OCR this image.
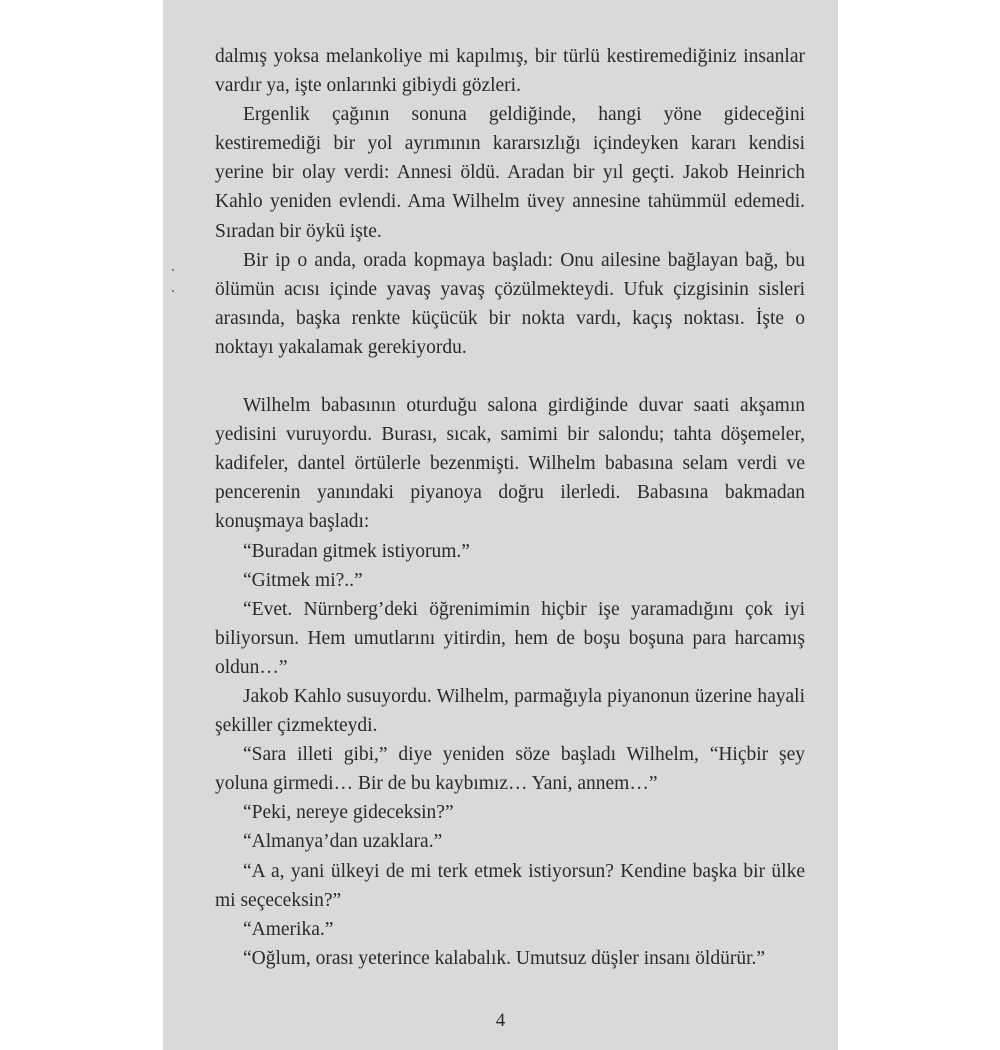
dalmış yoksa melankoliye mi kapılmış, bir türlü kestiremediğiniz insanlar vardır ya, işte onlarınki gibiydi gözleri.

Ergenlik çağının sonuna geldiğinde, hangi yöne gideceğini kestiremediği bir yol ayrımının kararsızlığı içindeyken kararı kendisi yerine bir olay verdi: Annesi öldü. Aradan bir yıl geçti. Jakob Heinrich Kahlo yeniden evlendi. Ama Wilhelm üvey annesine tahümmül edemedi. Sıradan bir öykü işte.

Bir ip o anda, orada kopmaya başladı: Onu ailesine bağlayan bağ, bu ölümün acısı içinde yavaş yavaş çözülmekteydi. Ufuk çizgisinin sisleri arasında, başka renkte küçücük bir nokta vardı, kaçış noktası. İşte o noktayı yakalamak gerekiyordu.

Wilhelm babasının oturduğu salona girdiğinde duvar saati akşamın yedisini vuruyordu. Burası, sıcak, samimi bir salondu; tahta döşemeler, kadifeler, dantel örtülerle bezenmişti. Wilhelm babasına selam verdi ve pencerenin yanındaki piyanoya doğru ilerledi. Babasına bakmadan konuşmaya başladı:

“Buradan gitmek istiyorum.”

“Gitmek mi?..”

“Evet. Nürnberg’deki öğrenimimin hiçbir işe yaramadığını çok iyi biliyorsun. Hem umutlarını yitirdin, hem de boşu boşuna para harcamış oldun…”

Jakob Kahlo susuyordu. Wilhelm, parmağıyla piyanonun üzerine hayali şekiller çizmekteydi.

“Sara illeti gibi,” diye yeniden söze başladı Wilhelm, “Hiçbir şey yoluna girmedi… Bir de bu kaybımız… Yani, annem…”

“Peki, nereye gideceksin?”

“Almanya’dan uzaklara.”

“A a, yani ülkeyi de mi terk etmek istiyorsun? Kendine başka bir ülke mi seçeceksin?”

“Amerika.”

“Oğlum, orası yeterince kalabalık. Umutsuz düşler insanı öldürür.”

4
